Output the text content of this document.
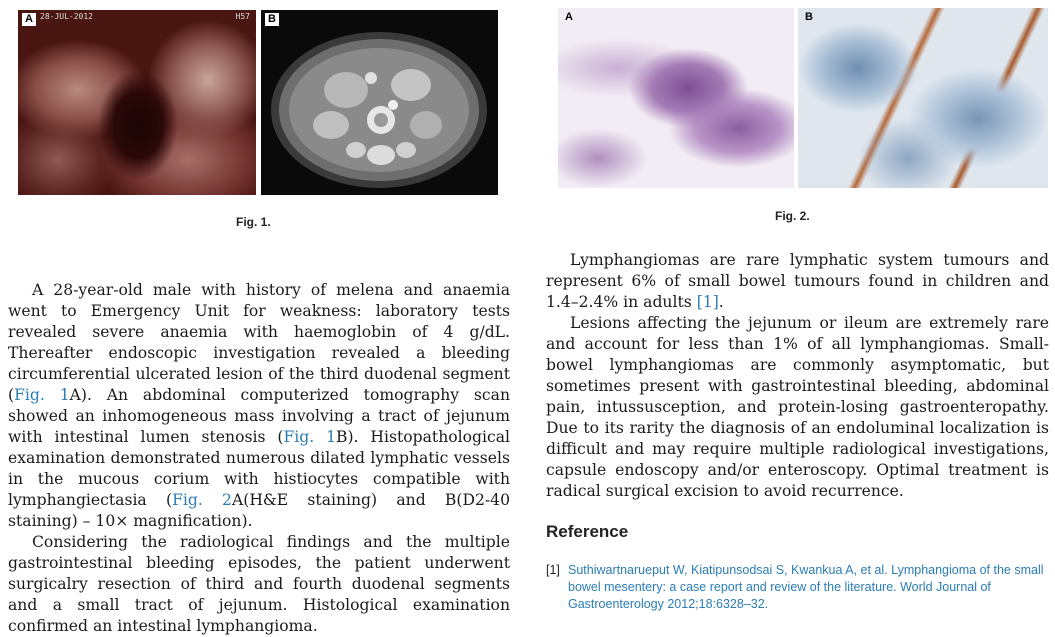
A 28-JUL-2012	H57 B
Fig. 1.
A	B
Fig. 2.

A 28-year-old male with history of melena and anaemia went to Emergency Unit for weakness: laboratory tests revealed severe anaemia with haemoglobin of 4 g/dL. Thereafter endoscopic investigation revealed a bleeding circumferential ulcerated lesion of the third duodenal segment (Fig. 1A). An abdominal computerized tomography scan showed an inhomogeneous mass involving a tract of jejunum with intestinal lumen stenosis (Fig. 1B). Histopathological examination demonstrated numerous dilated lymphatic vessels in the mucous corium with histiocytes compatible with lymphangiectasia (Fig. 2A(H&E staining) and B(D2-40 staining) – 10× magnification).

Considering the radiological findings and the multiple gastrointestinal bleeding episodes, the patient underwent surgicalry resection of third and fourth duodenal segments and a small tract of jejunum. Histological examination confirmed an intestinal lymphangioma.

Lymphangiomas are rare lymphatic system tumours and represent 6% of small bowel tumours found in children and 1.4–2.4% in adults [1].

Lesions affecting the jejunum or ileum are extremely rare and account for less than 1% of all lymphangiomas. Small-bowel lymphangiomas are commonly asymptomatic, but sometimes present with gastrointestinal bleeding, abdominal pain, intussusception, and protein-losing gastroenteropathy. Due to its rarity the diagnosis of an endoluminal localization is difficult and may require multiple radiological investigations, capsule endoscopy and/or enteroscopy. Optimal treatment is radical surgical excision to avoid recurrence.

Reference
[1] Suthiwartnarueput W, Kiatipunsodsai S, Kwankua A, et al. Lymphangioma of the small bowel mesentery: a case report and review of the literature. World Journal of Gastroenterology 2012;18:6328–32.
